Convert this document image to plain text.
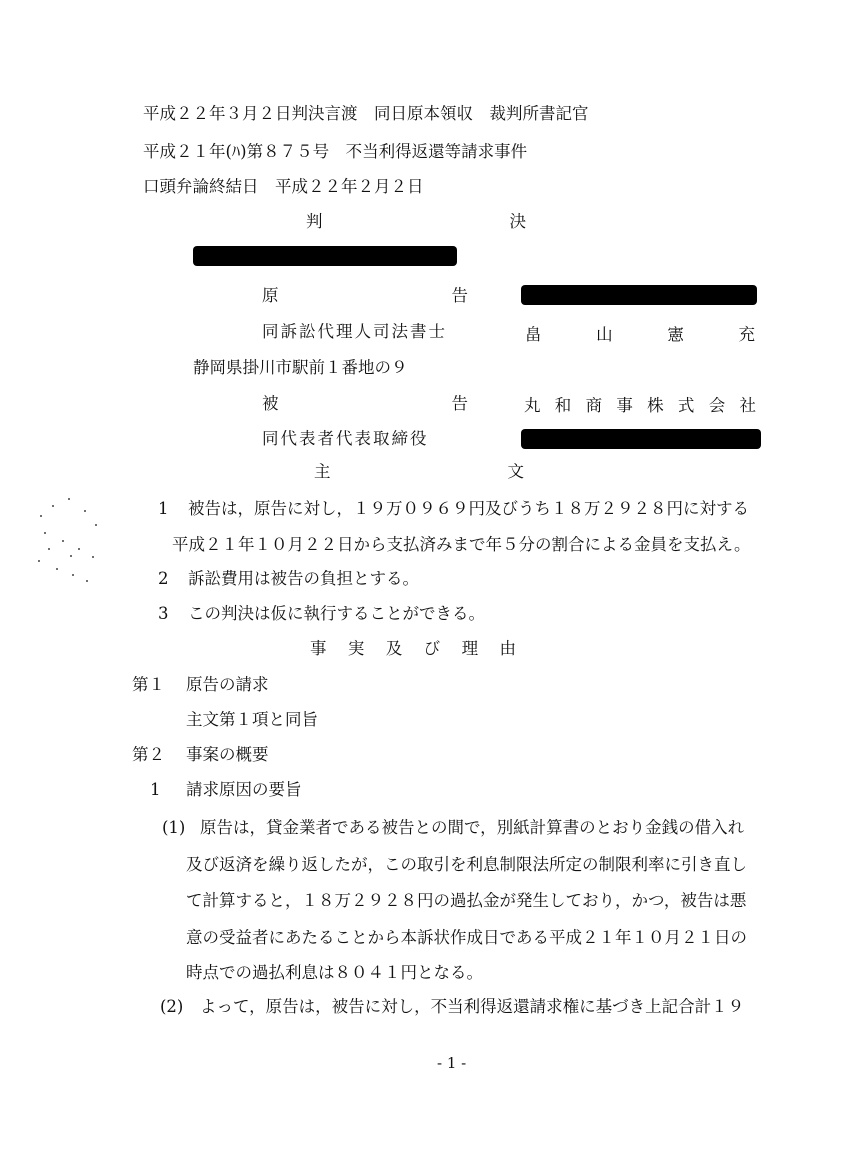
平成２２年３月２日判決言渡　同日原本領収　裁判所書記官
平成２１年(ﾊ)第８７５号　不当利得返還等請求事件
口頭弁論終結日　平成２２年２月２日
判	決
原	告
同訴訟代理人司法書士	畠	山	憲	充
静岡県掛川市駅前１番地の９
被	告	丸 和 商 事 株 式 会 社
同代表者代表取締役
主	文
1 被告は，原告に対し，１９万０９６９円及びうち１８万２９２８円に対する
平成２１年１０月２２日から支払済みまで年５分の割合による金員を支払え。
2 訴訟費用は被告の負担とする。
3 この判決は仮に執行することができる。
事 実 及 び 理 由
第１ 原告の請求
主文第１項と同旨
第２ 事案の概要
1 請求原因の要旨
(1) 原告は，貸金業者である被告との間で，別紙計算書のとおり金銭の借入れ
及び返済を繰り返したが，この取引を利息制限法所定の制限利率に引き直し
て計算すると，１８万２９２８円の過払金が発生しており，かつ，被告は悪
意の受益者にあたることから本訴状作成日である平成２１年１０月２１日の
時点での過払利息は８０４１円となる。
(2) よって，原告は，被告に対し，不当利得返還請求権に基づき上記合計１９
- 1 -
